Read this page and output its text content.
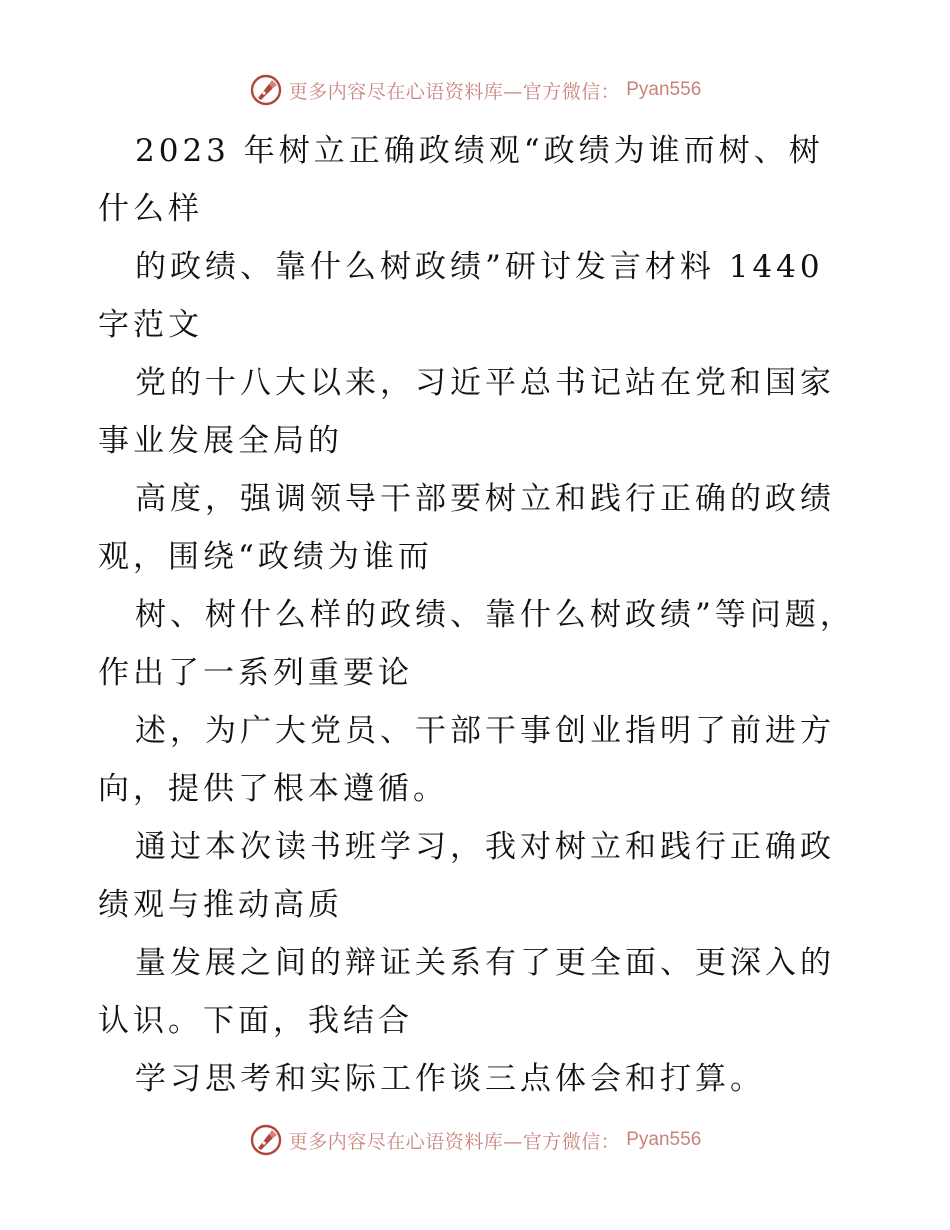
更多内容尽在心语资料库—官方微信： Pyan556

2023 年树立正确政绩观“政绩为谁而树、树什么样

的政绩、靠什么树政绩”研讨发言材料 1440 字范文

党的十八大以来，习近平总书记站在党和国家事业发展全局的

高度，强调领导干部要树立和践行正确的政绩观，围绕“政绩为谁而

树、树什么样的政绩、靠什么树政绩”等问题，作出了一系列重要论

述，为广大党员、干部干事创业指明了前进方向，提供了根本遵循。

通过本次读书班学习，我对树立和践行正确政绩观与推动高质

量发展之间的辩证关系有了更全面、更深入的认识。下面，我结合

学习思考和实际工作谈三点体会和打算。

更多内容尽在心语资料库—官方微信： Pyan556
